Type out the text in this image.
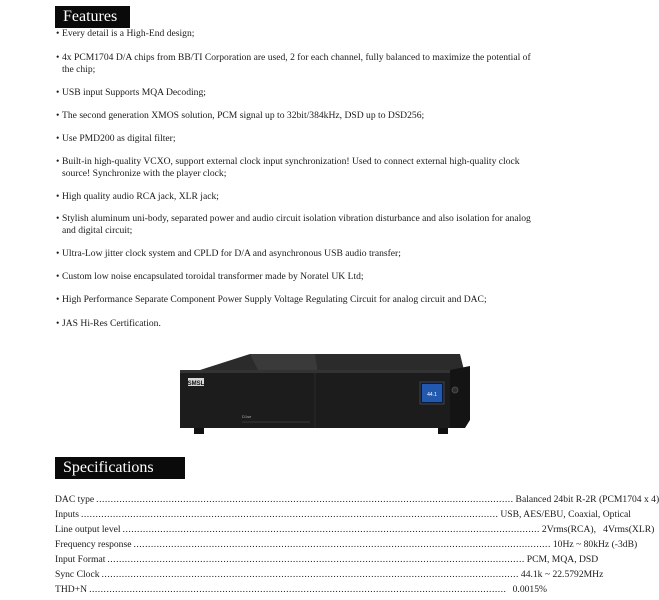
Features
• Every detail is a High-End design;
• 4x PCM1704 D/A chips from BB/TI Corporation are used, 2 for each channel, fully balanced to maximize the potential of the chip;
• USB input Supports MQA Decoding;
• The second generation XMOS solution, PCM signal up to 32bit/384kHz, DSD up to DSD256;
• Use PMD200 as digital filter;
• Built-in high-quality VCXO, support external clock input synchronization! Used to connect external high-quality clock source! Synchronize with the player clock;
• High quality audio RCA jack, XLR jack;
• Stylish aluminum uni-body, separated power and audio circuit isolation vibration disturbance and also isolation for analog and digital circuit;
• Ultra-Low jitter clock system and CPLD for D/A and asynchronous USB audio transfer;
• Custom low noise encapsulated toroidal transformer made by Noratel UK Ltd;
• High Performance Separate Component Power Supply Voltage Regulating Circuit for analog circuit and DAC;
• JAS Hi-Res Certification.
SMSL
D1se
44.1
Specifications
DAC type ................................................................................................................................................ Balanced 24bit R-2R (PCM1704 x 4)
Inputs ................................................................................................................................................ USB, AES/EBU, Coaxial, Optical
Line output level ................................................................................................................................................ 2Vrms(RCA),   4Vrms(XLR)
Frequency response ................................................................................................................................................ 10Hz ~ 80kHz (-3dB)
Input Format ................................................................................................................................................ PCM, MQA, DSD
Sync Clock ................................................................................................................................................ 44.1k ~ 22.5792MHz
THD+N ................................................................................................................................................ 0.0015%
